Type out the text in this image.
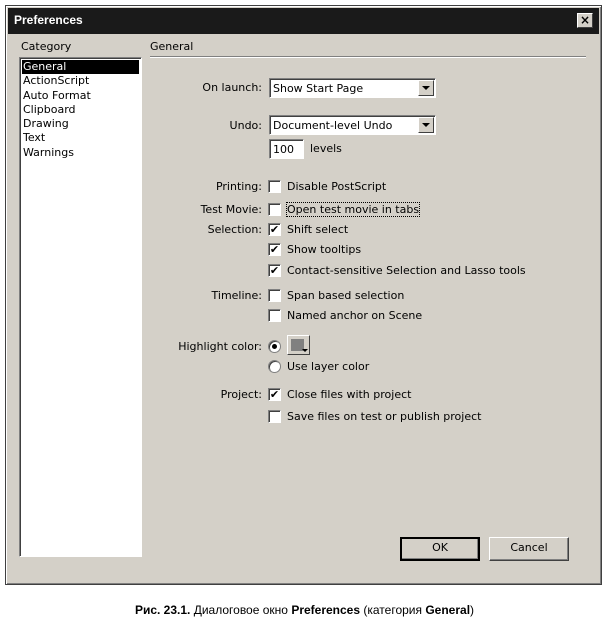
Preferences	×
Category
General
ActionScript
Auto Format
Clipboard
Drawing
Text
Warnings
General
On launch: Show Start Page
Undo: Document-level Undo
100	levels
Printing: Disable PostScript
Test Movie: Open test movie in tabs
Selection: ✔ Shift select
✔ Show tooltips
✔ Contact-sensitive Selection and Lasso tools
Timeline: Span based selection
Named anchor on Scene
Highlight color:
Use layer color
Project: ✔ Close files with project
Save files on test or publish project
OK	Cancel
Рис. 23.1. Диалоговое окно Preferences (категория General)
